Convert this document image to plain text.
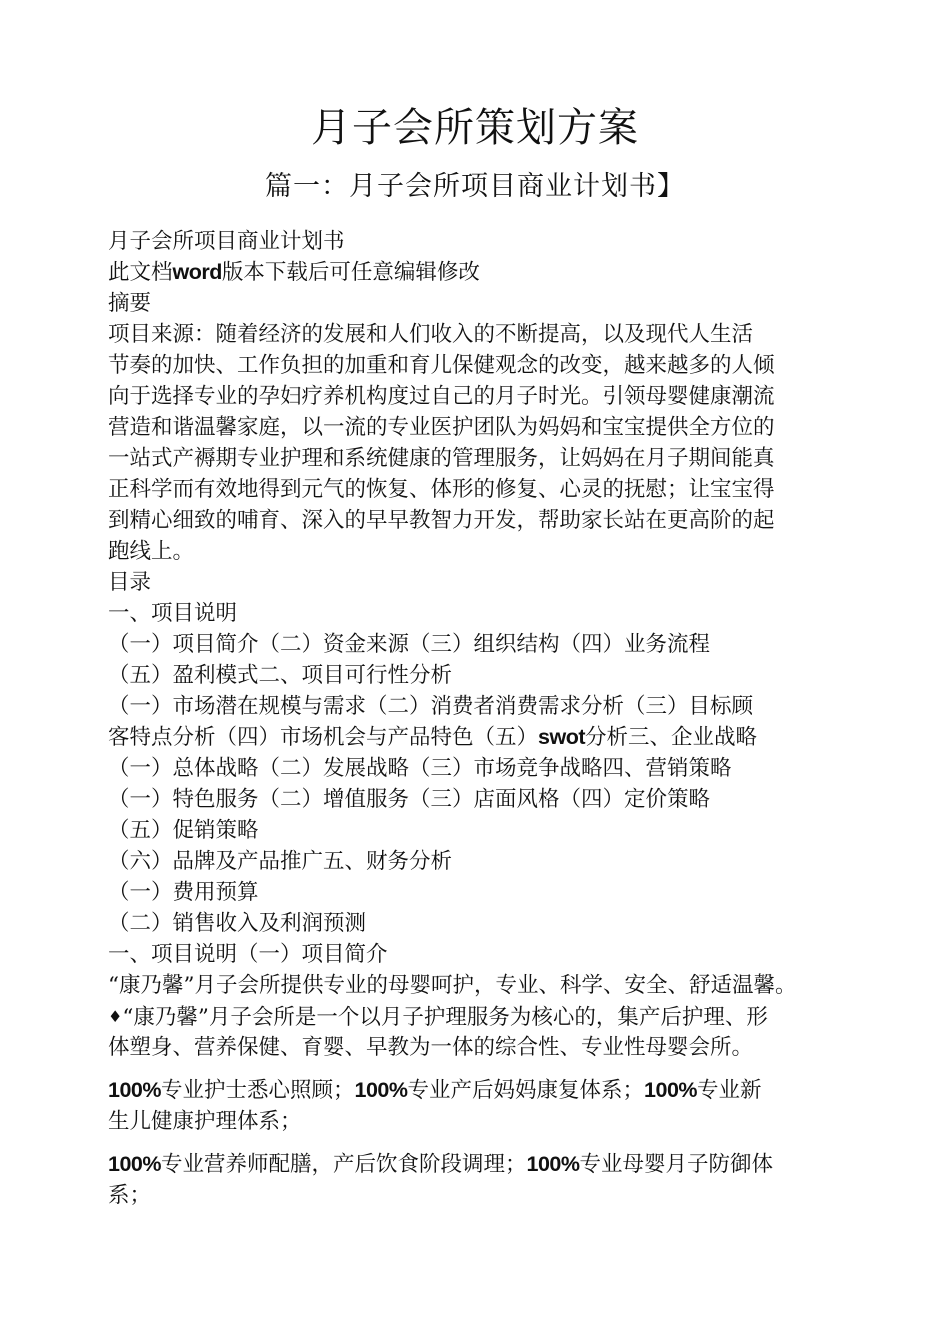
月子会所策划方案
篇一：月子会所项目商业计划书】
月子会所项目商业计划书
此文档word版本下载后可任意编辑修改
摘要
项目来源：随着经济的发展和人们收入的不断提高，以及现代人生活
节奏的加快、工作负担的加重和育儿保健观念的改变，越来越多的人倾
向于选择专业的孕妇疗养机构度过自己的月子时光。引领母婴健康潮流
营造和谐温馨家庭，以一流的专业医护团队为妈妈和宝宝提供全方位的
一站式产褥期专业护理和系统健康的管理服务，让妈妈在月子期间能真
正科学而有效地得到元气的恢复、体形的修复、心灵的抚慰；让宝宝得
到精心细致的哺育、深入的早早教智力开发，帮助家长站在更高阶的起
跑线上。
目录
一、项目说明
（一）项目简介（二）资金来源（三）组织结构（四）业务流程
（五）盈利模式二、项目可行性分析
（一）市场潜在规模与需求（二）消费者消费需求分析（三）目标顾
客特点分析（四）市场机会与产品特色（五）swot分析三、企业战略
（一）总体战略（二）发展战略（三）市场竞争战略四、营销策略
（一）特色服务（二）增值服务（三）店面风格（四）定价策略
（五）促销策略
（六）品牌及产品推广五、财务分析
（一）费用预算
（二）销售收入及利润预测
一、项目说明（一）项目简介
“康乃馨”月子会所提供专业的母婴呵护，专业、科学、安全、舒适温馨。
♦“康乃馨”月子会所是一个以月子护理服务为核心的，集产后护理、形
体塑身、营养保健、育婴、早教为一体的综合性、专业性母婴会所。
100%专业护士悉心照顾；100%专业产后妈妈康复体系；100%专业新
生儿健康护理体系；
100%专业营养师配膳，产后饮食阶段调理；100%专业母婴月子防御体
系；
